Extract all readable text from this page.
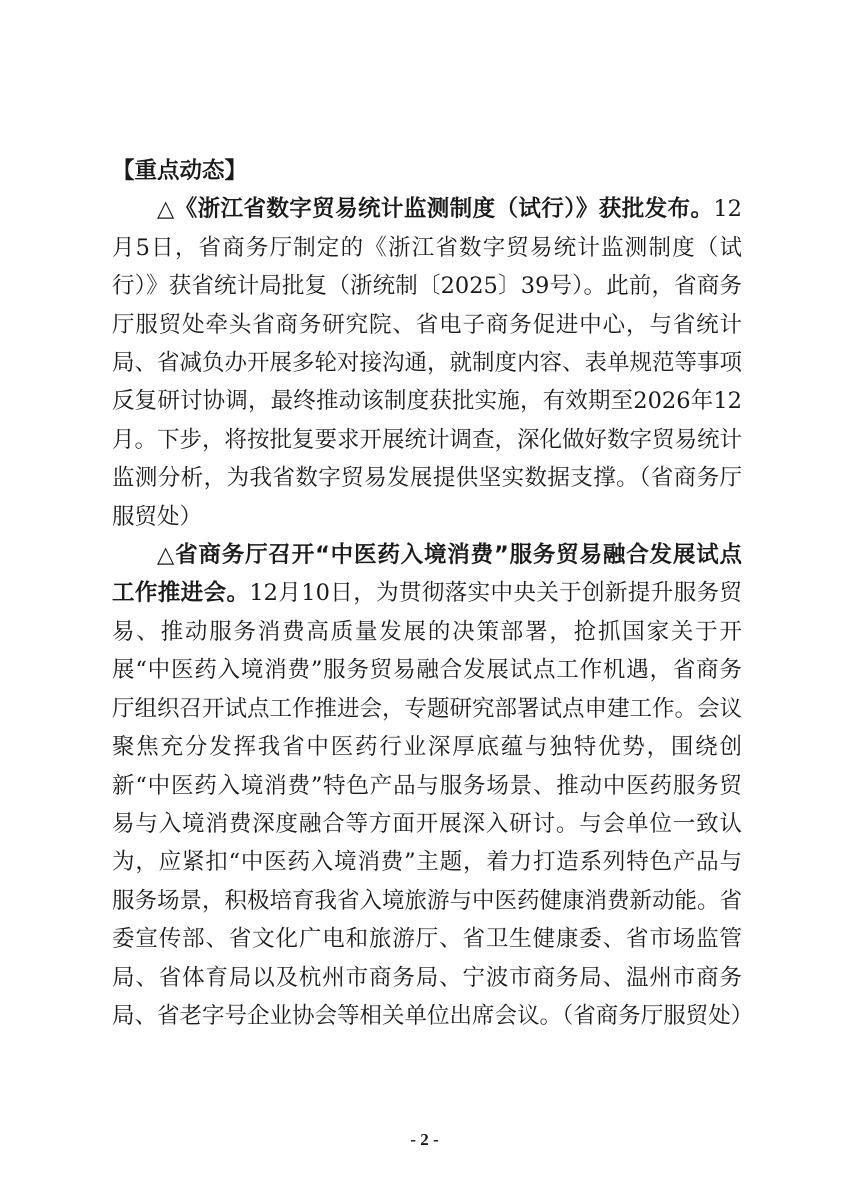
【重点动态】

△《浙江省数字贸易统计监测制度（试行）》获批发布。12月5日，省商务厅制定的《浙江省数字贸易统计监测制度（试行）》获省统计局批复（浙统制〔2025〕39号）。此前，省商务厅服贸处牵头省商务研究院、省电子商务促进中心，与省统计局、省减负办开展多轮对接沟通，就制度内容、表单规范等事项反复研讨协调，最终推动该制度获批实施，有效期至2026年12月。下步，将按批复要求开展统计调查，深化做好数字贸易统计监测分析，为我省数字贸易发展提供坚实数据支撑。（省商务厅服贸处）

△省商务厅召开“中医药入境消费”服务贸易融合发展试点工作推进会。12月10日，为贯彻落实中央关于创新提升服务贸易、推动服务消费高质量发展的决策部署，抢抓国家关于开展“中医药入境消费”服务贸易融合发展试点工作机遇，省商务厅组织召开试点工作推进会，专题研究部署试点申建工作。会议聚焦充分发挥我省中医药行业深厚底蕴与独特优势，围绕创新“中医药入境消费”特色产品与服务场景、推动中医药服务贸易与入境消费深度融合等方面开展深入研讨。与会单位一致认为，应紧扣“中医药入境消费”主题，着力打造系列特色产品与服务场景，积极培育我省入境旅游与中医药健康消费新动能。省委宣传部、省文化广电和旅游厅、省卫生健康委、省市场监管局、省体育局以及杭州市商务局、宁波市商务局、温州市商务局、省老字号企业协会等相关单位出席会议。（省商务厅服贸处）

- 2 -
